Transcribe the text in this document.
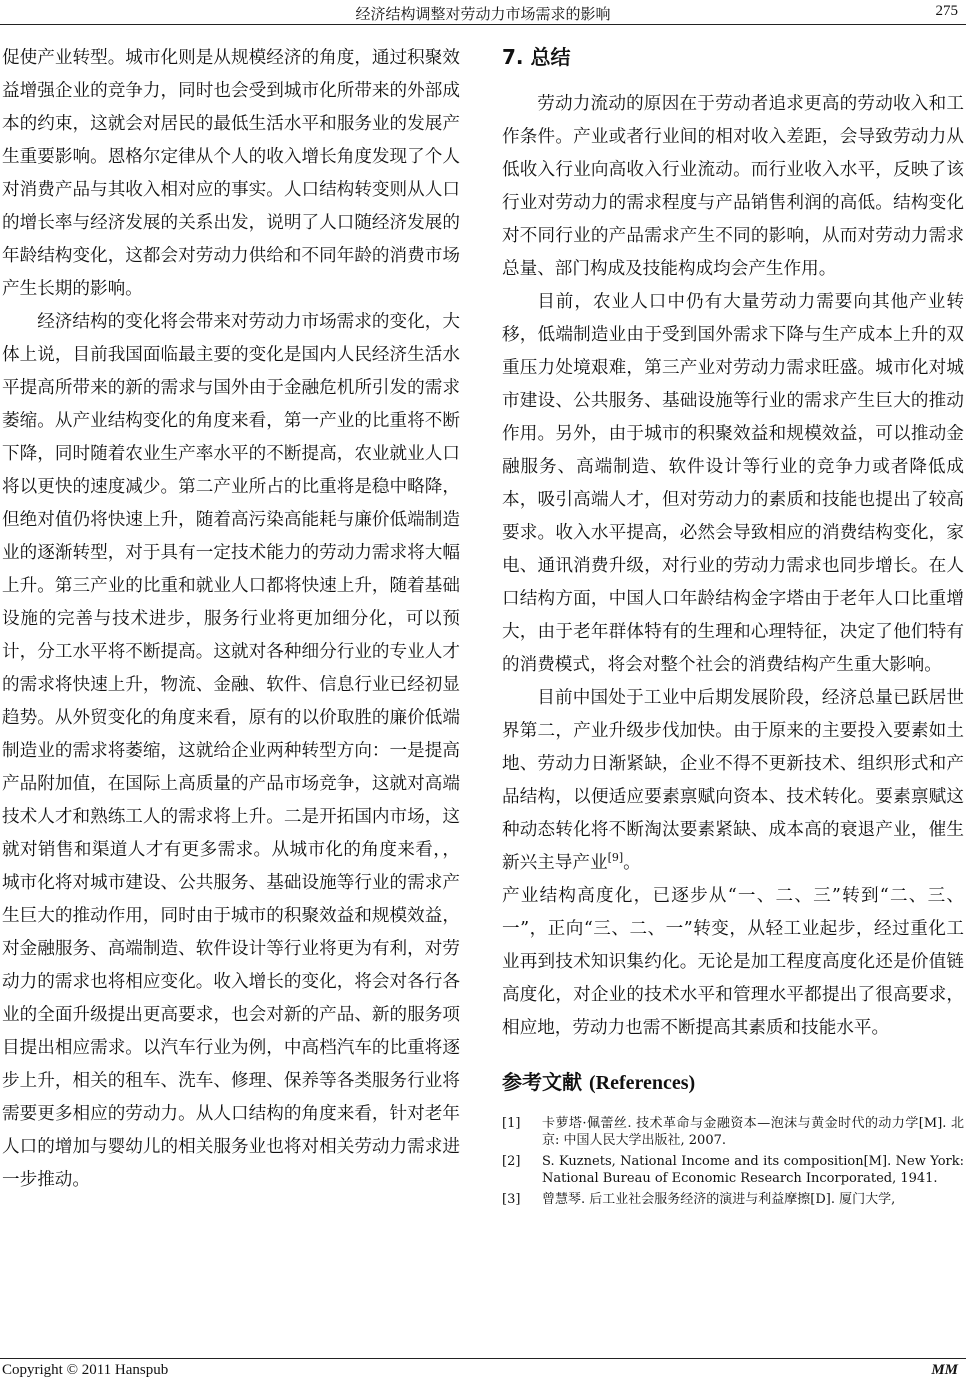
经济结构调整对劳动力市场需求的影响	275

促使产业转型。城市化则是从规模经济的角度，通过积聚效益增强企业的竞争力，同时也会受到城市化所带来的外部成本的约束，这就会对居民的最低生活水平和服务业的发展产生重要影响。恩格尔定律从个人的收入增长角度发现了个人对消费产品与其收入相对应的事实。人口结构转变则从人口的增长率与经济发展的关系出发，说明了人口随经济发展的年龄结构变化，这都会对劳动力供给和不同年龄的消费市场产生长期的影响。

经济结构的变化将会带来对劳动力市场需求的变化，大体上说，目前我国面临最主要的变化是国内人民经济生活水平提高所带来的新的需求与国外由于金融危机所引发的需求萎缩。从产业结构变化的角度来看，第一产业的比重将不断下降，同时随着农业生产率水平的不断提高，农业就业人口将以更快的速度减少。第二产业所占的比重将是稳中略降，但绝对值仍将快速上升，随着高污染高能耗与廉价低端制造业的逐渐转型，对于具有一定技术能力的劳动力需求将大幅上升。第三产业的比重和就业人口都将快速上升，随着基础设施的完善与技术进步，服务行业将更加细分化，可以预计，分工水平将不断提高。这就对各种细分行业的专业人才的需求将快速上升，物流、金融、软件、信息行业已经初显趋势。从外贸变化的角度来看，原有的以价取胜的廉价低端制造业的需求将萎缩，这就给企业两种转型方向：一是提高产品附加值，在国际上高质量的产品市场竞争，这就对高端技术人才和熟练工人的需求将上升。二是开拓国内市场，这就对销售和渠道人才有更多需求。从城市化的角度来看，，城市化将对城市建设、公共服务、基础设施等行业的需求产生巨大的推动作用，同时由于城市的积聚效益和规模效益，对金融服务、高端制造、软件设计等行业将更为有利，对劳动力的需求也将相应变化。收入增长的变化，将会对各行各业的全面升级提出更高要求，也会对新的产品、新的服务项目提出相应需求。以汽车行业为例，中高档汽车的比重将逐步上升，相关的租车、洗车、修理、保养等各类服务行业将需要更多相应的劳动力。从人口结构的角度来看，针对老年人口的增加与婴幼儿的相关服务业也将对相关劳动力需求进一步推动。

7. 总结

劳动力流动的原因在于劳动者追求更高的劳动收入和工作条件。产业或者行业间的相对收入差距，会导致劳动力从低收入行业向高收入行业流动。而行业收入水平，反映了该行业对劳动力的需求程度与产品销售利润的高低。结构变化对不同行业的产品需求产生不同的影响，从而对劳动力需求总量、部门构成及技能构成均会产生作用。

目前，农业人口中仍有大量劳动力需要向其他产业转移，低端制造业由于受到国外需求下降与生产成本上升的双重压力处境艰难，第三产业对劳动力需求旺盛。城市化对城市建设、公共服务、基础设施等行业的需求产生巨大的推动作用。另外，由于城市的积聚效益和规模效益，可以推动金融服务、高端制造、软件设计等行业的竞争力或者降低成本，吸引高端人才，但对劳动力的素质和技能也提出了较高要求。收入水平提高，必然会导致相应的消费结构变化，家电、通讯消费升级，对行业的劳动力需求也同步增长。在人口结构方面，中国人口年龄结构金字塔由于老年人口比重增大，由于老年群体特有的生理和心理特征，决定了他们特有的消费模式，将会对整个社会的消费结构产生重大影响。

目前中国处于工业中后期发展阶段，经济总量已跃居世界第二，产业升级步伐加快。由于原来的主要投入要素如土地、劳动力日渐紧缺，企业不得不更新技术、组织形式和产品结构，以便适应要素禀赋向资本、技术转化。要素禀赋这种动态转化将不断淘汰要素紧缺、成本高的衰退产业，催生新兴主导产业[9]。

产业结构高度化，已逐步从“一、二、三”转到“二、三、一”，正向“三、二、一”转变，从轻工业起步，经过重化工业再到技术知识集约化。无论是加工程度高度化还是价值链高度化，对企业的技术水平和管理水平都提出了很高要求，相应地，劳动力也需不断提高其素质和技能水平。

参考文献 (References)
[1] 卡萝塔·佩蕾丝. 技术革命与金融资本—泡沫与黄金时代的动力学[M]. 北京: 中国人民大学出版社, 2007.
[2] S. Kuznets, National Income and its composition[M]. New York: National Bureau of Economic Research Incorporated, 1941.
[3] 曾慧琴. 后工业社会服务经济的演进与利益摩擦[D]. 厦门大学,
Copyright © 2011 Hanspub	MM
